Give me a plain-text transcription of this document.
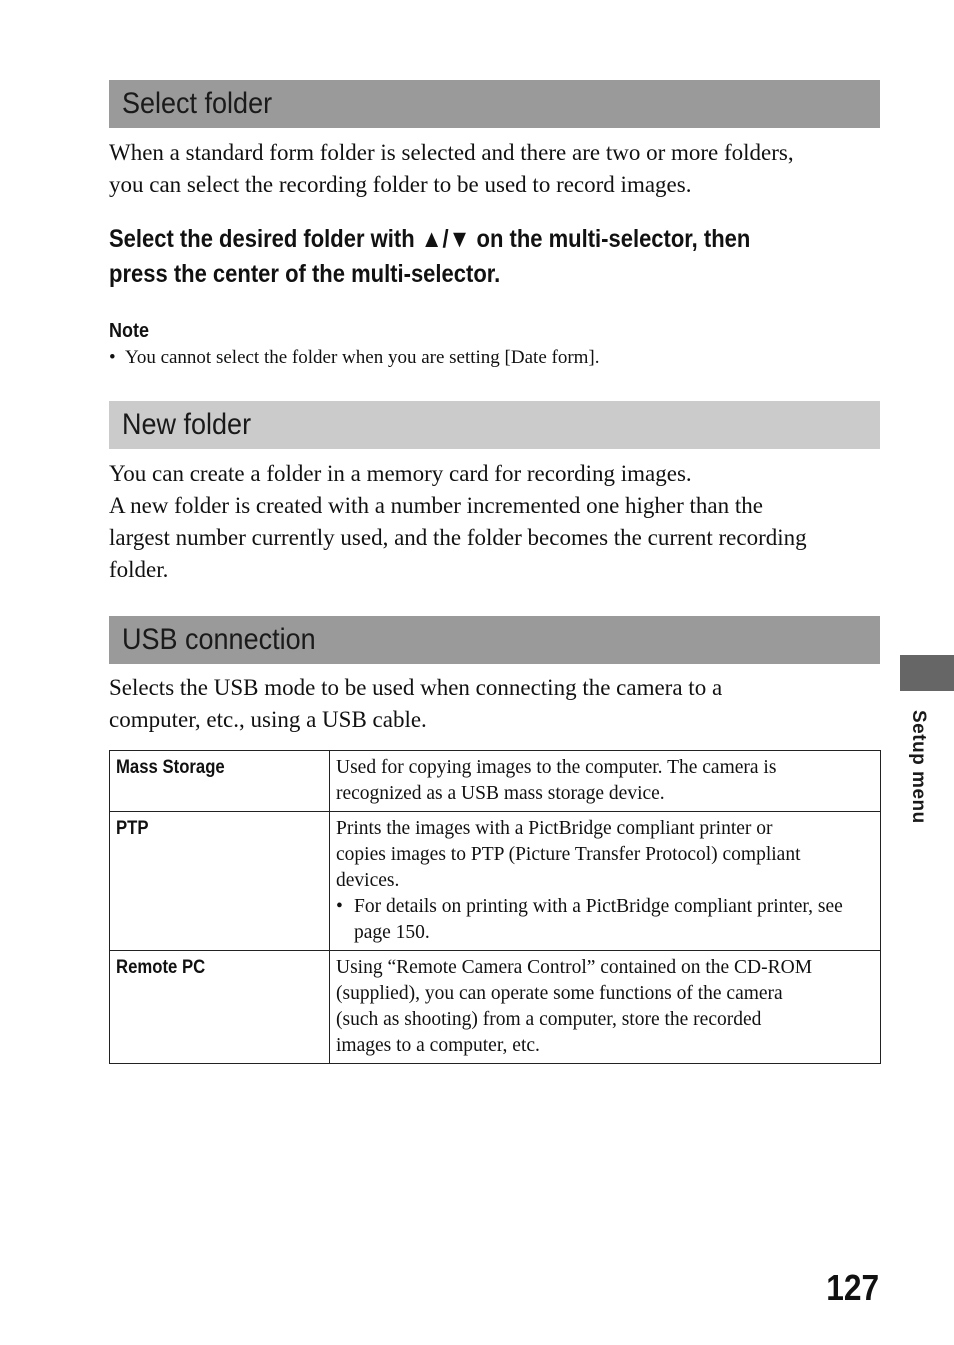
Select folder
When a standard form folder is selected and there are two or more folders,
you can select the recording folder to be used to record images.
Select the desired folder with ▲/▼ on the multi-selector, then
press the center of the multi-selector.
Note
• You cannot select the folder when you are setting [Date form].
New folder
You can create a folder in a memory card for recording images.
A new folder is created with a number incremented one higher than the
largest number currently used, and the folder becomes the current recording
folder.
USB connection
Selects the USB mode to be used when connecting the camera to a
computer, etc., using a USB cable.
Mass Storage	Used for copying images to the computer. The camera is
recognized as a USB mass storage device.

PTP	Prints the images with a PictBridge compliant printer or
copies images to PTP (Picture Transfer Protocol) compliant
devices.
• For details on printing with a PictBridge compliant printer, see page 150.

Remote PC	Using “Remote Camera Control” contained on the CD-ROM
(supplied), you can operate some functions of the camera
(such as shooting) from a computer, store the recorded
images to a computer, etc.
Setup menu
127
